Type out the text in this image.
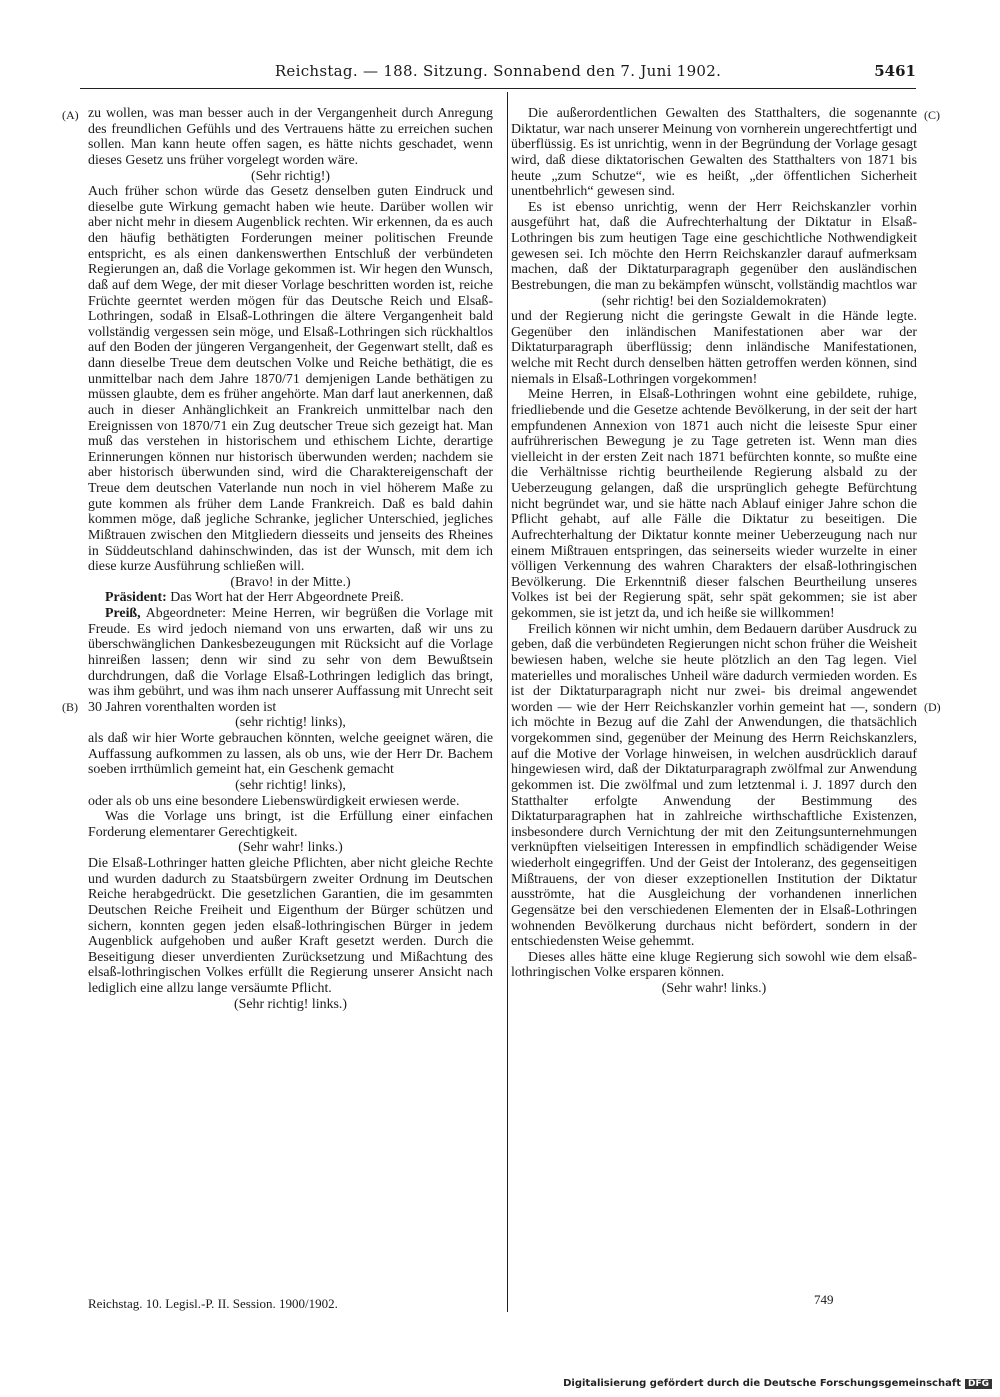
Reichstag. — 188. Sitzung. Sonnabend den 7. Juni 1902.	5461
(A)
(B)
(C)
(D)

zu wollen, was man besser auch in der Vergangenheit durch Anregung des freundlichen Gefühls und des Vertrauens hätte zu erreichen suchen sollen. Man kann heute offen sagen, es hätte nichts geschadet, wenn dieses Gesetz uns früher vorgelegt worden wäre.

(Sehr richtig!)

Auch früher schon würde das Gesetz denselben guten Eindruck und dieselbe gute Wirkung gemacht haben wie heute. Darüber wollen wir aber nicht mehr in diesem Augenblick rechten. Wir erkennen, da es auch den häufig bethätigten Forderungen meiner politischen Freunde entspricht, es als einen dankenswerthen Entschluß der verbündeten Regierungen an, daß die Vorlage gekommen ist. Wir hegen den Wunsch, daß auf dem Wege, der mit dieser Vorlage beschritten worden ist, reiche Früchte geerntet werden mögen für das Deutsche Reich und Elsaß-Lothringen, sodaß in Elsaß-Lothringen die ältere Vergangenheit bald vollständig vergessen sein möge, und Elsaß-Lothringen sich rückhaltlos auf den Boden der jüngeren Vergangenheit, der Gegenwart stellt, daß es dann dieselbe Treue dem deutschen Volke und Reiche bethätigt, die es unmittelbar nach dem Jahre 1870/71 demjenigen Lande bethätigen zu müssen glaubte, dem es früher angehörte. Man darf laut anerkennen, daß auch in dieser Anhänglichkeit an Frankreich unmittelbar nach den Ereignissen von 1870/71 ein Zug deutscher Treue sich gezeigt hat. Man muß das verstehen in historischem und ethischem Lichte, derartige Erinnerungen können nur historisch überwunden werden; nachdem sie aber historisch überwunden sind, wird die Charaktereigenschaft der Treue dem deutschen Vaterlande nun noch in viel höherem Maße zu gute kommen als früher dem Lande Frankreich. Daß es bald dahin kommen möge, daß jegliche Schranke, jeglicher Unterschied, jegliches Mißtrauen zwischen den Mitgliedern diesseits und jenseits des Rheines in Süddeutschland dahinschwinden, das ist der Wunsch, mit dem ich diese kurze Ausführung schließen will.

(Bravo! in der Mitte.)

Präsident: Das Wort hat der Herr Abgeordnete Preiß.

Preiß, Abgeordneter: Meine Herren, wir begrüßen die Vorlage mit Freude. Es wird jedoch niemand von uns erwarten, daß wir uns zu überschwänglichen Dankesbezeugungen mit Rücksicht auf die Vorlage hinreißen lassen; denn wir sind zu sehr von dem Bewußtsein durchdrungen, daß die Vorlage Elsaß-Lothringen lediglich das bringt, was ihm gebührt, und was ihm nach unserer Auffassung mit Unrecht seit 30 Jahren vorenthalten worden ist

(sehr richtig! links),

als daß wir hier Worte gebrauchen könnten, welche geeignet wären, die Auffassung aufkommen zu lassen, als ob uns, wie der Herr Dr. Bachem soeben irrthümlich gemeint hat, ein Geschenk gemacht

(sehr richtig! links),

oder als ob uns eine besondere Liebenswürdigkeit erwiesen werde.

Was die Vorlage uns bringt, ist die Erfüllung einer einfachen Forderung elementarer Gerechtigkeit.

(Sehr wahr! links.)

Die Elsaß-Lothringer hatten gleiche Pflichten, aber nicht gleiche Rechte und wurden dadurch zu Staatsbürgern zweiter Ordnung im Deutschen Reiche herabgedrückt. Die gesetzlichen Garantien, die im gesammten Deutschen Reiche Freiheit und Eigenthum der Bürger schützen und sichern, konnten gegen jeden elsaß-lothringischen Bürger in jedem Augenblick aufgehoben und außer Kraft gesetzt werden. Durch die Beseitigung dieser unverdienten Zurücksetzung und Mißachtung des elsaß-lothringischen Volkes erfüllt die Regierung unserer Ansicht nach lediglich eine allzu lange versäumte Pflicht.

(Sehr richtig! links.)

Die außerordentlichen Gewalten des Statthalters, die sogenannte Diktatur, war nach unserer Meinung von vornherein ungerechtfertigt und überflüssig. Es ist unrichtig, wenn in der Begründung der Vorlage gesagt wird, daß diese diktatorischen Gewalten des Statthalters von 1871 bis heute „zum Schutze“, wie es heißt, „der öffentlichen Sicherheit unentbehrlich“ gewesen sind.

Es ist ebenso unrichtig, wenn der Herr Reichskanzler vorhin ausgeführt hat, daß die Aufrechterhaltung der Diktatur in Elsaß-Lothringen bis zum heutigen Tage eine geschichtliche Nothwendigkeit gewesen sei. Ich möchte den Herrn Reichskanzler darauf aufmerksam machen, daß der Diktaturparagraph gegenüber den ausländischen Bestrebungen, die man zu bekämpfen wünscht, vollständig machtlos war

(sehr richtig! bei den Sozialdemokraten)

und der Regierung nicht die geringste Gewalt in die Hände legte. Gegenüber den inländischen Manifestationen aber war der Diktaturparagraph überflüssig; denn inländische Manifestationen, welche mit Recht durch denselben hätten getroffen werden können, sind niemals in Elsaß-Lothringen vorgekommen!

Meine Herren, in Elsaß-Lothringen wohnt eine gebildete, ruhige, friedliebende und die Gesetze achtende Bevölkerung, in der seit der hart empfundenen Annexion von 1871 auch nicht die leiseste Spur einer aufrührerischen Bewegung je zu Tage getreten ist. Wenn man dies vielleicht in der ersten Zeit nach 1871 befürchten konnte, so mußte eine die Verhältnisse richtig beurtheilende Regierung alsbald zu der Ueberzeugung gelangen, daß die ursprünglich gehegte Befürchtung nicht begründet war, und sie hätte nach Ablauf einiger Jahre schon die Pflicht gehabt, auf alle Fälle die Diktatur zu beseitigen. Die Aufrechterhaltung der Diktatur konnte meiner Ueberzeugung nach nur einem Mißtrauen entspringen, das seinerseits wieder wurzelte in einer völligen Verkennung des wahren Charakters der elsaß-lothringischen Bevölkerung. Die Erkenntniß dieser falschen Beurtheilung unseres Volkes ist bei der Regierung spät, sehr spät gekommen; sie ist aber gekommen, sie ist jetzt da, und ich heiße sie willkommen!

Freilich können wir nicht umhin, dem Bedauern darüber Ausdruck zu geben, daß die verbündeten Regierungen nicht schon früher die Weisheit bewiesen haben, welche sie heute plötzlich an den Tag legen. Viel materielles und moralisches Unheil wäre dadurch vermieden worden. Es ist der Diktaturparagraph nicht nur zwei- bis dreimal angewendet worden — wie der Herr Reichskanzler vorhin gemeint hat —, sondern ich möchte in Bezug auf die Zahl der Anwendungen, die thatsächlich vorgekommen sind, gegenüber der Meinung des Herrn Reichskanzlers, auf die Motive der Vorlage hinweisen, in welchen ausdrücklich darauf hingewiesen wird, daß der Diktaturparagraph zwölfmal zur Anwendung gekommen ist. Die zwölfmal und zum letztenmal i. J. 1897 durch den Statthalter erfolgte Anwendung der Bestimmung des Diktaturparagraphen hat in zahlreiche wirthschaftliche Existenzen, insbesondere durch Vernichtung der mit den Zeitungsunternehmungen verknüpften vielseitigen Interessen in empfindlich schädigender Weise wiederholt eingegriffen. Und der Geist der Intoleranz, des gegenseitigen Mißtrauens, der von dieser exzeptionellen Institution der Diktatur ausströmte, hat die Ausgleichung der vorhandenen innerlichen Gegensätze bei den verschiedenen Elementen der in Elsaß-Lothringen wohnenden Bevölkerung durchaus nicht befördert, sondern in der entschiedensten Weise gehemmt.

Dieses alles hätte eine kluge Regierung sich sowohl wie dem elsaß-lothringischen Volke ersparen können.

(Sehr wahr! links.)

Reichstag. 10. Legisl.-P. II. Session. 1900/1902.	749
Digitalisierung gefördert durch die Deutsche Forschungsgemeinschaft DFG
